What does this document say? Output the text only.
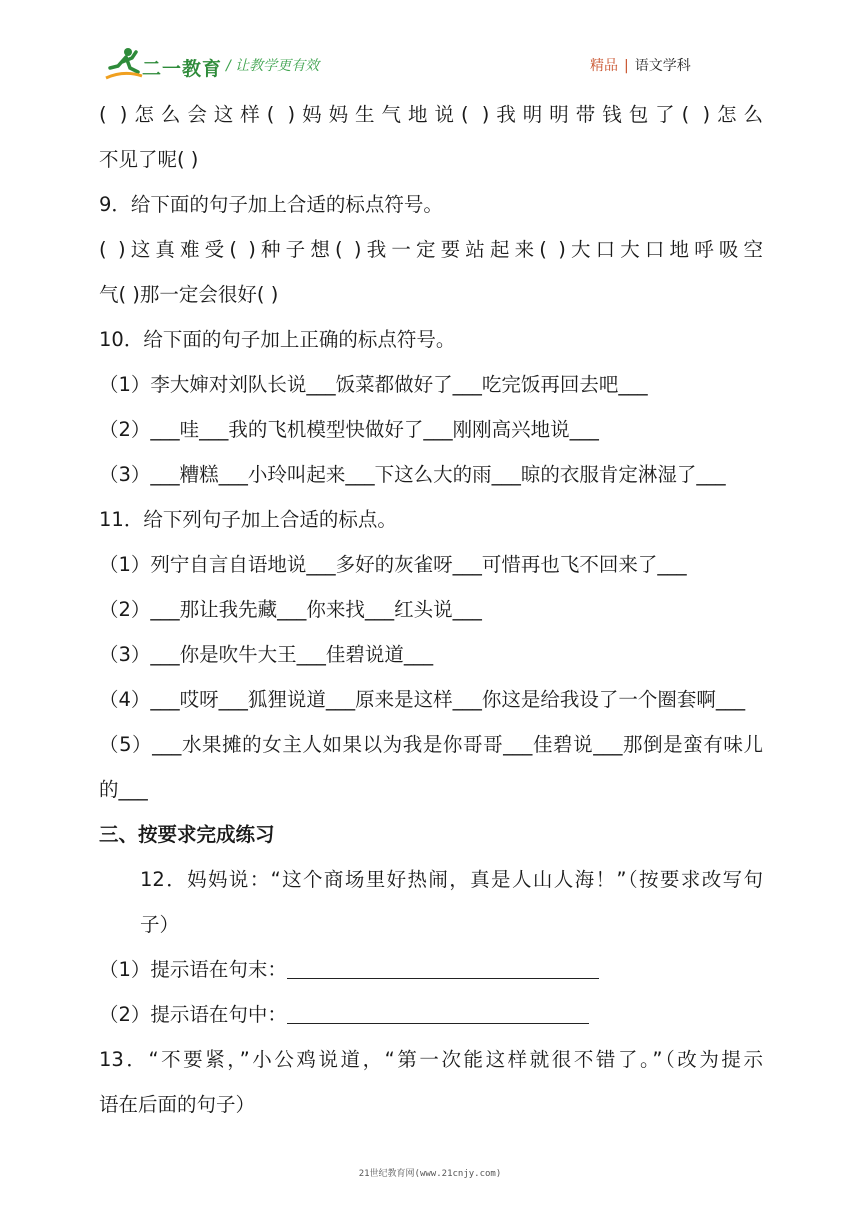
二一教育 / 让教学更有效	精品 | 语文学科
( )怎么会这样( )妈妈生气地说( )我明明带钱包了( )怎么
不见了呢( )
9．给下面的句子加上合适的标点符号。
( )这真难受( )种子想( )我一定要站起来( )大口大口地呼吸空
气( )那一定会很好( )
10．给下面的句子加上正确的标点符号。
（1）李大婶对刘队长说___饭菜都做好了___吃完饭再回去吧___
（2）___哇___我的飞机模型快做好了___刚刚高兴地说___
（3）___糟糕___小玲叫起来___下这么大的雨___晾的衣服肯定淋湿了___
11．给下列句子加上合适的标点。
（1）列宁自言自语地说___多好的灰雀呀___可惜再也飞不回来了___
（2）___那让我先藏___你来找___红头说___
（3）___你是吹牛大王___佳碧说道___
（4）___哎呀___狐狸说道___原来是这样___你这是给我设了一个圈套啊___
（5）___水果摊的女主人如果以为我是你哥哥___佳碧说___那倒是蛮有味儿
的___
三、按要求完成练习
12．妈妈说：“这个商场里好热闹，真是人山人海！”（按要求改写句
子）
（1）提示语在句末：
（2）提示语在句中：
13．“不要紧，”小公鸡说道，“第一次能这样就很不错了。”（改为提示
语在后面的句子）
21世纪教育网(www.21cnjy.com)
